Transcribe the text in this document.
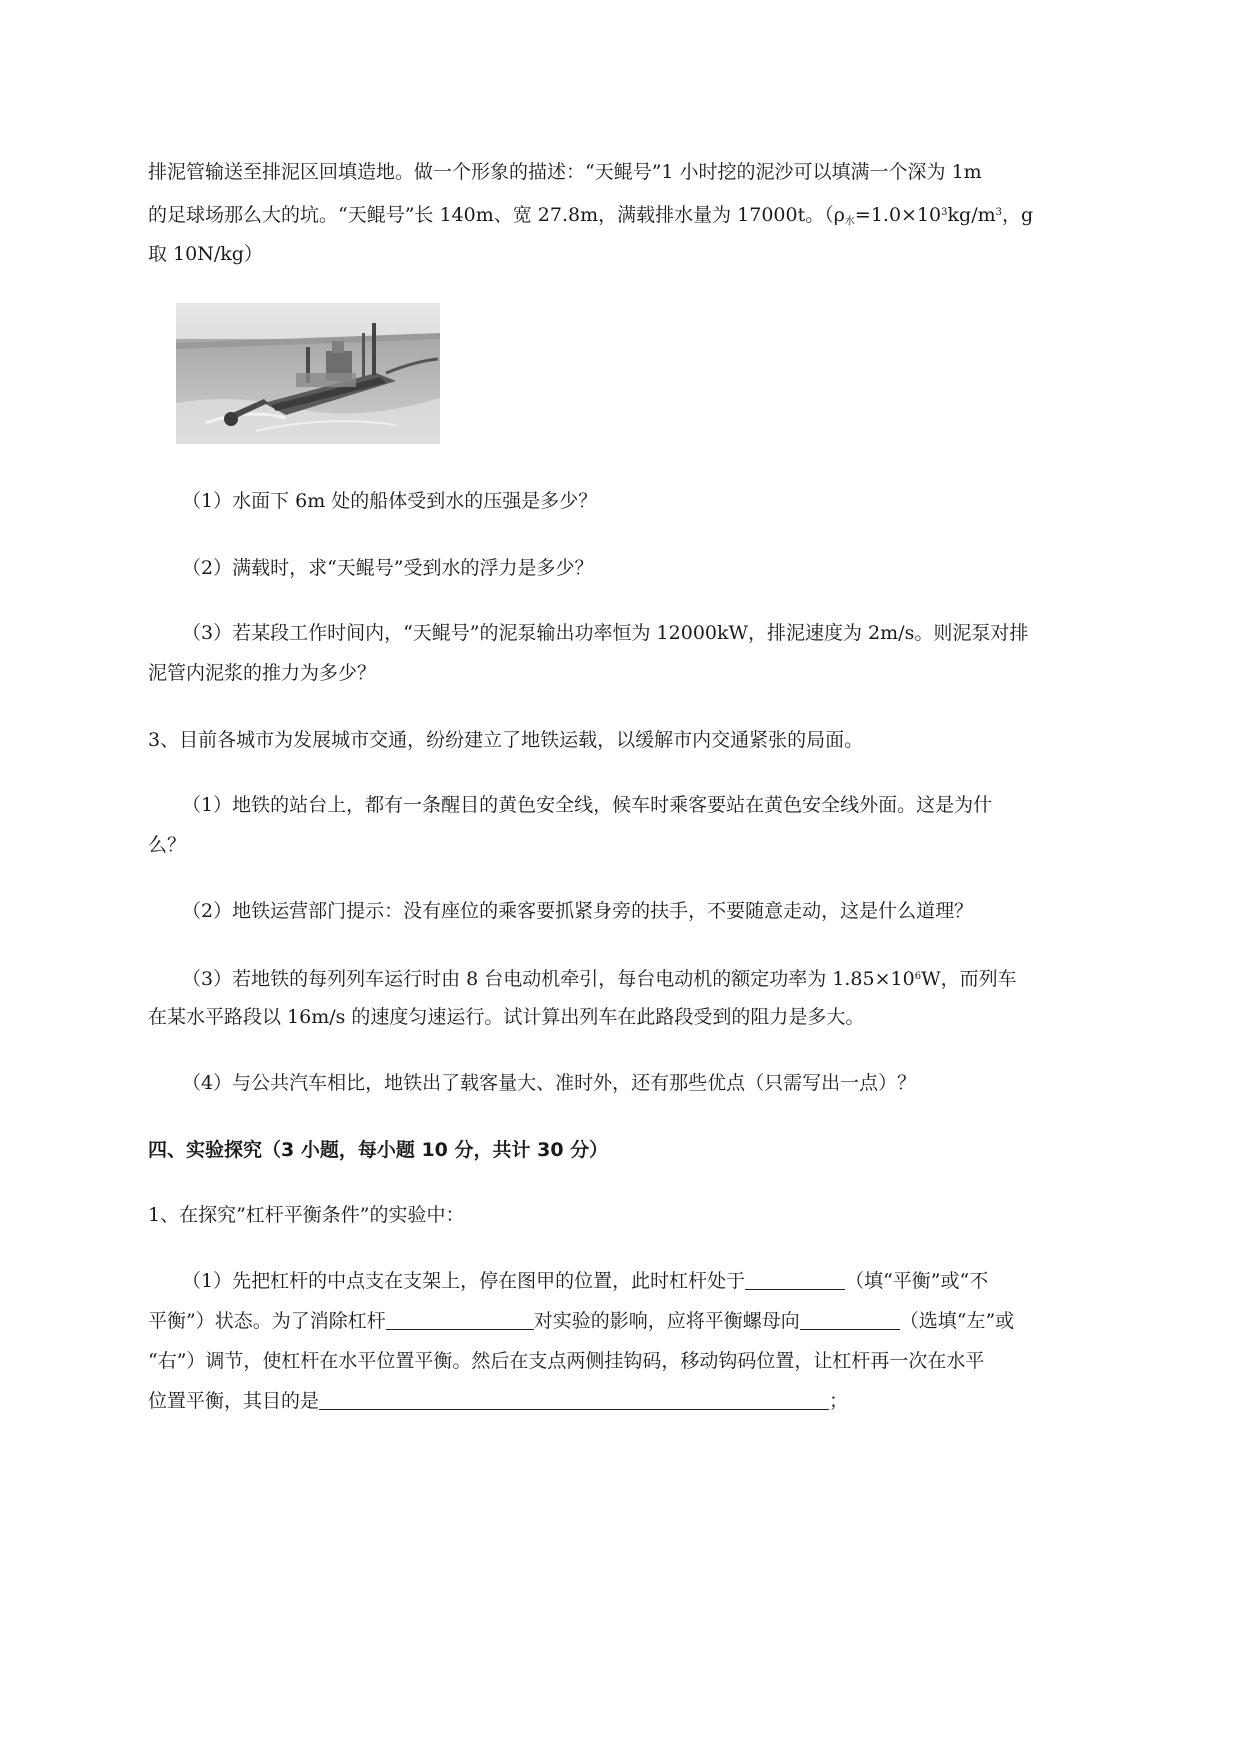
排泥管输送至排泥区回填造地。做一个形象的描述：“天鲲号”1 小时挖的泥沙可以填满一个深为 1m

的足球场那么大的坑。“天鲲号”长 140m、宽 27.8m，满载排水量为 17000t。（$\rho_水=1.0\times 10^3kg/m^3$，g

取 10N/kg）

（1）水面下 6m 处的船体受到水的压强是多少？

（2）满载时，求“天鲲号”受到水的浮力是多少？

（3）若某段工作时间内，“天鲲号”的泥泵输出功率恒为 12000kW，排泥速度为 2m/s。则泥泵对排

泥管内泥浆的推力为多少？

3、目前各城市为发展城市交通，纷纷建立了地铁运载，以缓解市内交通紧张的局面。

（1）地铁的站台上，都有一条醒目的黄色安全线，候车时乘客要站在黄色安全线外面。这是为什

么？

（2）地铁运营部门提示：没有座位的乘客要抓紧身旁的扶手，不要随意走动，这是什么道理？

（3）若地铁的每列列车运行时由 8 台电动机牵引，每台电动机的额定功率为 $1.85\times 10^6W$，而列车

在某水平路段以 16m/s 的速度匀速运行。试计算出列车在此路段受到的阻力是多大。

（4）与公共汽车相比，地铁出了载客量大、准时外，还有那些优点（只需写出一点）？

四、实验探究（3 小题，每小题 10 分，共计 30 分）

1、在探究”杠杆平衡条件”的实验中：

（1）先把杠杆的中点支在支架上，停在图甲的位置，此时杠杆处于	（填“平衡”或“不

平衡”）状态。为了消除杠杆	对实验的影响，应将平衡螺母向	（选填“左”或

“右”）调节，使杠杆在水平位置平衡。然后在支点两侧挂钩码，移动钩码位置，让杠杆再一次在水平

位置平衡，其目的是	；
